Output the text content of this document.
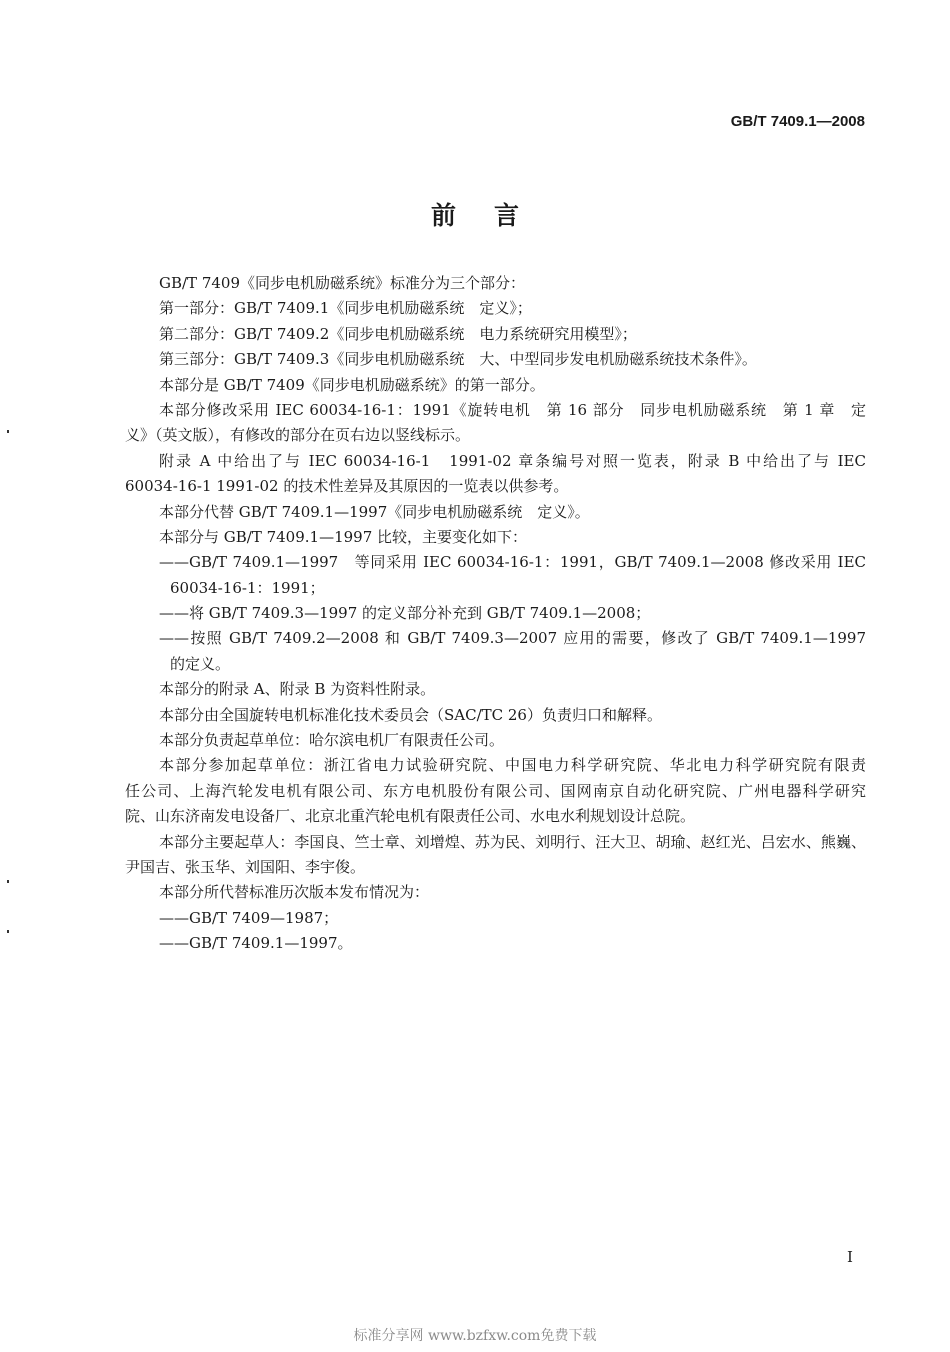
GB/T 7409.1—2008
前言
GB/T 7409《同步电机励磁系统》标准分为三个部分：
第一部分：GB/T 7409.1《同步电机励磁系统　定义》；
第二部分：GB/T 7409.2《同步电机励磁系统　电力系统研究用模型》；
第三部分：GB/T 7409.3《同步电机励磁系统　大、中型同步发电机励磁系统技术条件》。
本部分是 GB/T 7409《同步电机励磁系统》的第一部分。
本部分修改采用 IEC 60034-16-1：1991《旋转电机　第 16 部分　同步电机励磁系统　第 1 章　定
义》（英文版），有修改的部分在页右边以竖线标示。
附录 A 中给出了与 IEC 60034-16-1　1991-02 章条编号对照一览表，附录 B 中给出了与 IEC
60034-16-1 1991-02 的技术性差异及其原因的一览表以供参考。
本部分代替 GB/T 7409.1—1997《同步电机励磁系统　定义》。
本部分与 GB/T 7409.1—1997 比较，主要变化如下：
——GB/T 7409.1—1997　等同采用 IEC 60034-16-1：1991，GB/T 7409.1—2008 修改采用 IEC
60034-16-1：1991；
——将 GB/T 7409.3—1997 的定义部分补充到 GB/T 7409.1—2008；
——按照 GB/T 7409.2—2008 和 GB/T 7409.3—2007 应用的需要，修改了 GB/T 7409.1—1997
的定义。
本部分的附录 A、附录 B 为资料性附录。
本部分由全国旋转电机标准化技术委员会（SAC/TC 26）负责归口和解释。
本部分负责起草单位：哈尔滨电机厂有限责任公司。
本部分参加起草单位：浙江省电力试验研究院、中国电力科学研究院、华北电力科学研究院有限责
任公司、上海汽轮发电机有限公司、东方电机股份有限公司、国网南京自动化研究院、广州电器科学研究
院、山东济南发电设备厂、北京北重汽轮电机有限责任公司、水电水利规划设计总院。
本部分主要起草人：李国良、竺士章、刘增煌、苏为民、刘明行、汪大卫、胡瑜、赵红光、吕宏水、熊巍、
尹国吉、张玉华、刘国阳、李宇俊。
本部分所代替标准历次版本发布情况为：
——GB/T 7409—1987；
——GB/T 7409.1—1997。
I
标准分享网 www.bzfxw.com免费下载
